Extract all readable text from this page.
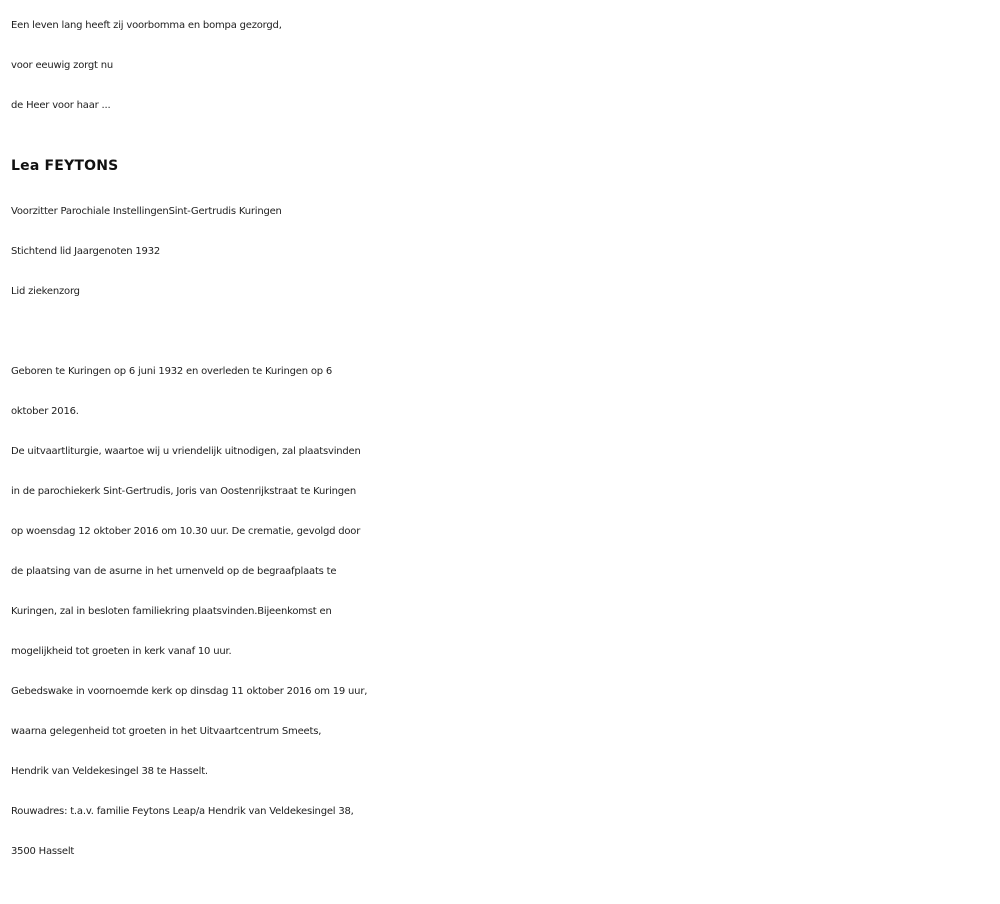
Een leven lang heeft zij voorbomma en bompa gezorgd,
voor eeuwig zorgt nu
de Heer voor haar ...
Lea FEYTONS
Voorzitter Parochiale InstellingenSint-Gertrudis Kuringen
Stichtend lid Jaargenoten 1932
Lid ziekenzorg
Geboren te Kuringen op 6 juni 1932 en overleden te Kuringen op 6
oktober 2016.
De uitvaartliturgie, waartoe wij u vriendelijk uitnodigen, zal plaatsvinden
in de parochiekerk Sint-Gertrudis, Joris van Oostenrijkstraat te Kuringen
op woensdag 12 oktober 2016 om 10.30 uur. De crematie, gevolgd door
de plaatsing van de asurne in het urnenveld op de begraafplaats te
Kuringen, zal in besloten familiekring plaatsvinden.Bijeenkomst en
mogelijkheid tot groeten in kerk vanaf 10 uur.
Gebedswake in voornoemde kerk op dinsdag 11 oktober 2016 om 19 uur,
waarna gelegenheid tot groeten in het Uitvaartcentrum Smeets,
Hendrik van Veldekesingel 38 te Hasselt.
Rouwadres: t.a.v. familie Feytons Leap/a Hendrik van Veldekesingel 38,
3500 Hasselt
